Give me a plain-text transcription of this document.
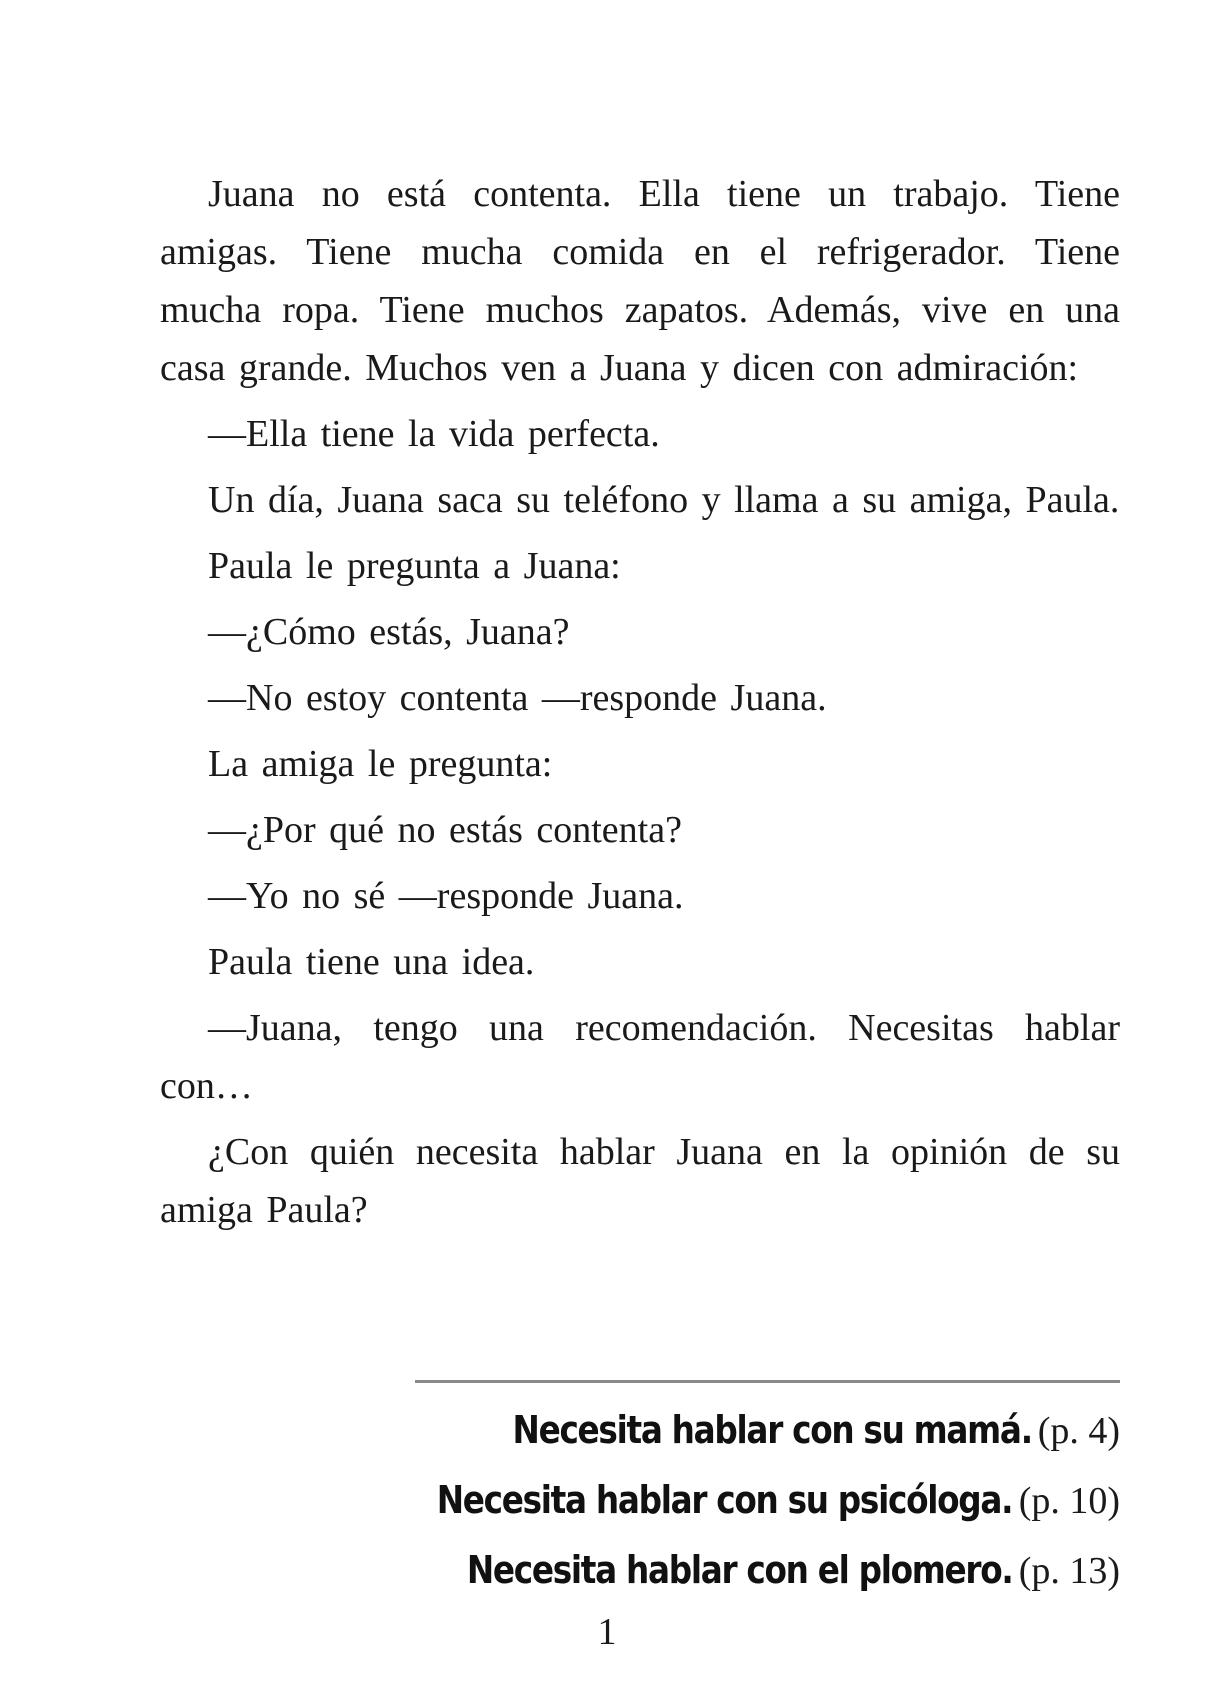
Juana no está contenta. Ella tiene un trabajo. Tiene amigas. Tiene mucha comida en el refrigerador. Tiene mucha ropa. Tiene muchos zapatos. Además, vive en una casa grande. Muchos ven a Juana y dicen con admiración:

—Ella tiene la vida perfecta.

Un día, Juana saca su teléfono y llama a su amiga, Paula.

Paula le pregunta a Juana:

—¿Cómo estás, Juana?

—No estoy contenta —responde Juana.

La amiga le pregunta:

—¿Por qué no estás contenta?

—Yo no sé —responde Juana.

Paula tiene una idea.

—Juana, tengo una recomendación. Necesitas hablar con…

¿Con quién necesita hablar Juana en la opinión de su amiga Paula?

Necesita hablar con su mamá. (p. 4)
Necesita hablar con su psicóloga. (p. 10)
Necesita hablar con el plomero. (p. 13)
1
